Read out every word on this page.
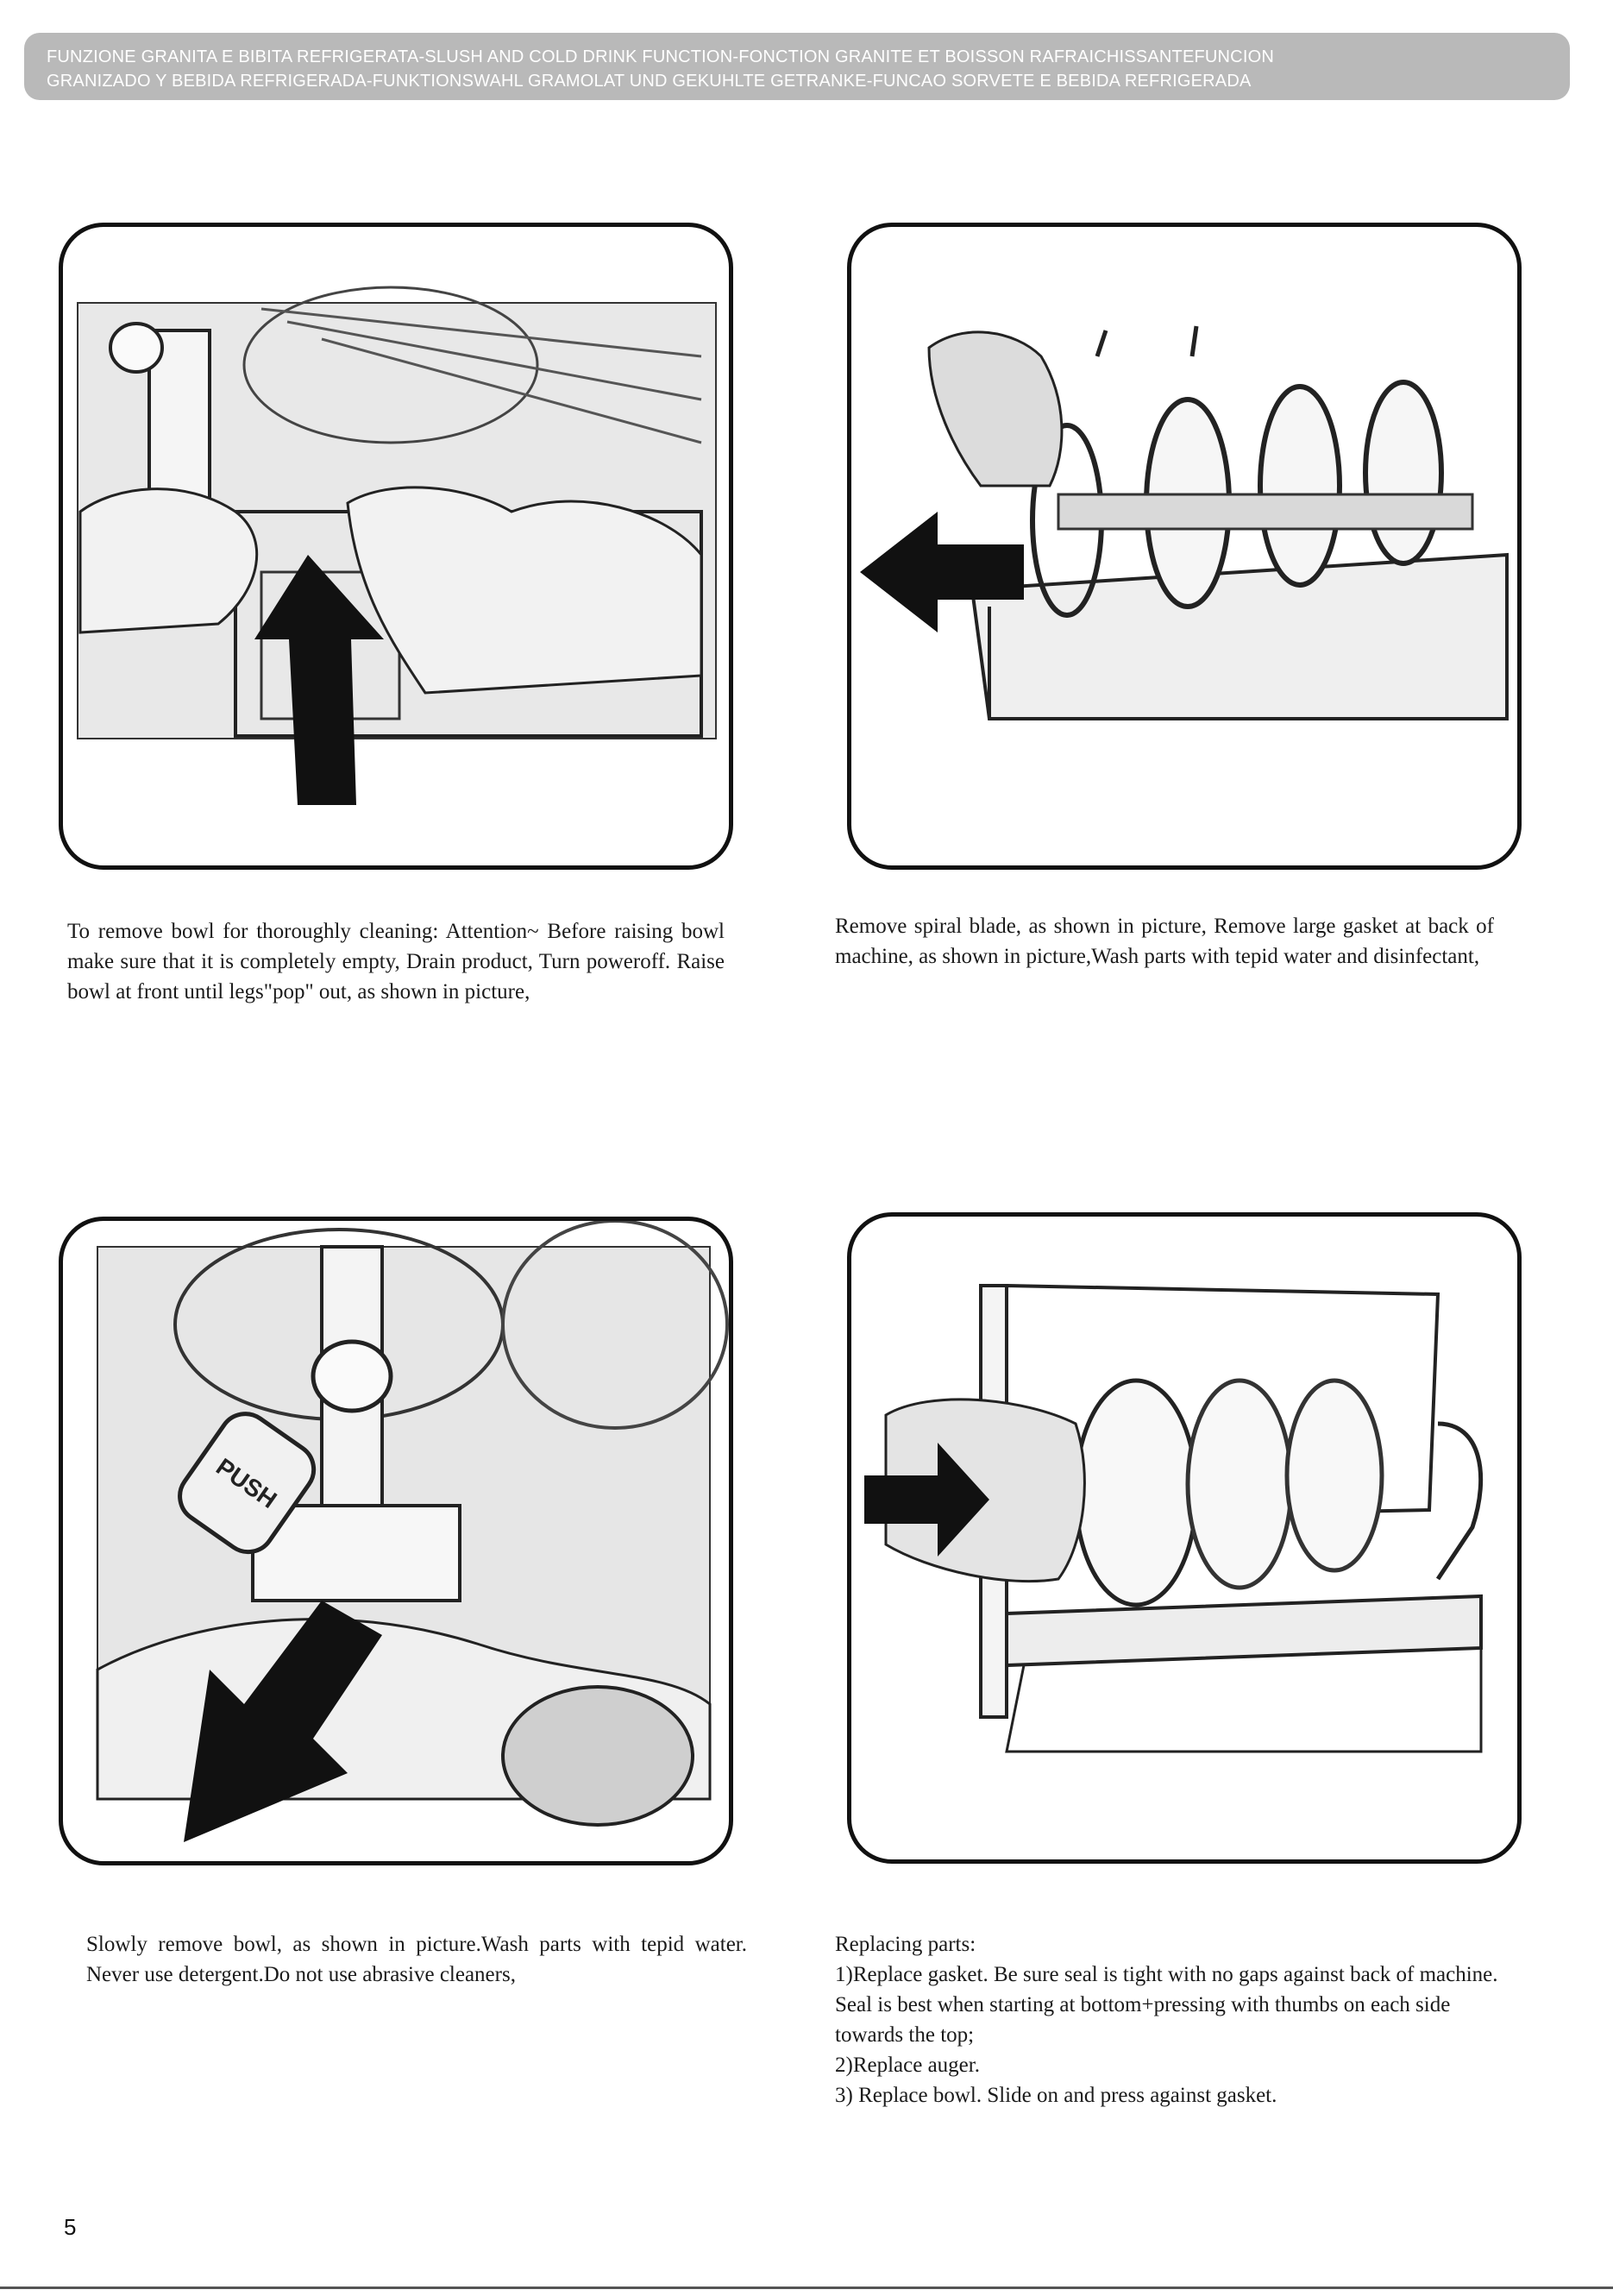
FUNZIONE GRANITA E BIBITA REFRIGERATA-SLUSH AND COLD DRINK FUNCTION-FONCTION GRANITE ET BOISSON RAFRAICHISSANTEFUNCION
GRANIZADO Y BEBIDA REFRIGERADA-FUNKTIONSWAHL GRAMOLAT UND GEKUHLTE GETRANKE-FUNCAO SORVETE E BEBIDA REFRIGERADA

To remove bowl for thoroughly cleaning: Attention~ Before raising bowl make sure that it is completely empty, Drain product, Turn poweroff. Raise bowl at front until legs"pop" out, as shown in picture,

Remove spiral blade, as shown in picture, Remove large gasket at back of machine, as shown in picture,Wash parts with tepid water and disinfectant,

PUSH

Slowly remove bowl, as shown in picture.Wash parts with tepid water. Never use detergent.Do not use abrasive cleaners,

Replacing parts:

1)Replace gasket. Be sure seal is tight with no gaps against back of machine. Seal is best when starting at bottom+pressing with thumbs on each side towards the top;

2)Replace auger.

3) Replace bowl. Slide on and press against gasket.

5
